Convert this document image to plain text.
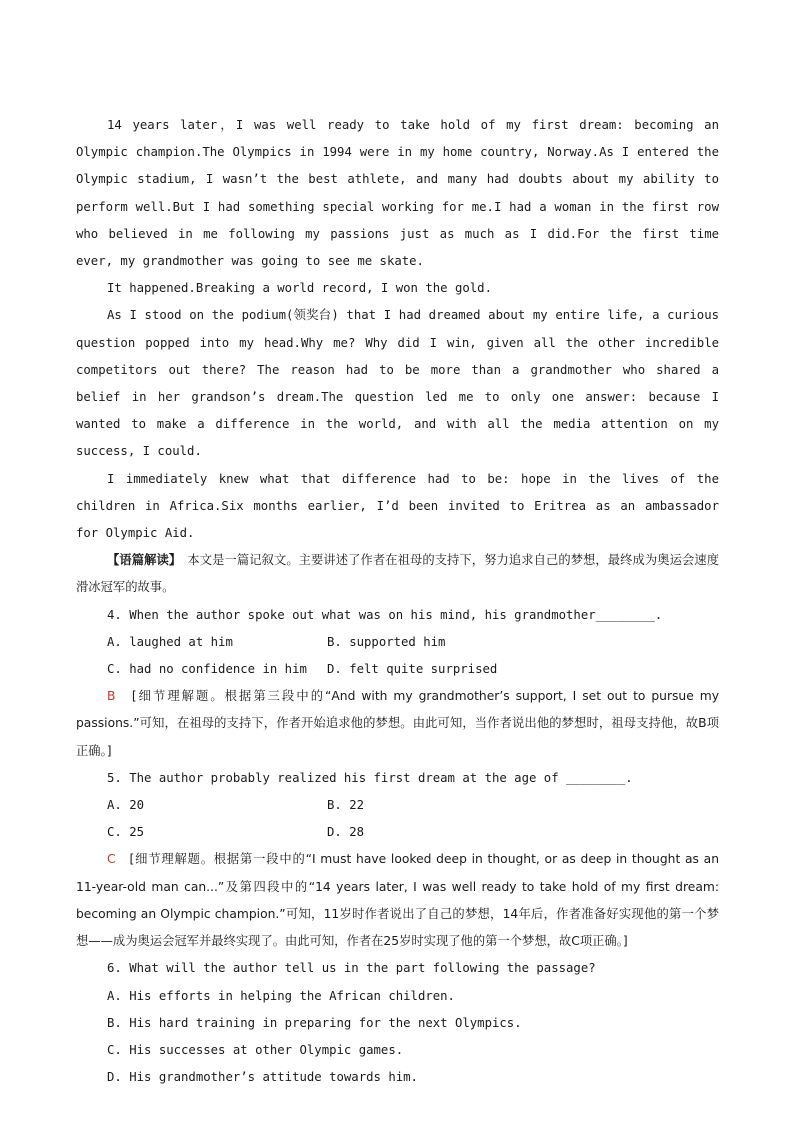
14 years later，I was well ready to take hold of my first dream: becoming an Olympic champion.The Olympics in 1994 were in my home country, Norway.As I entered the Olympic stadium, I wasn’t the best athlete, and many had doubts about my ability to perform well.But I had something special working for me.I had a woman in the first row who believed in me following my passions just as much as I did.For the first time ever, my grandmother was going to see me skate.

It happened.Breaking a world record, I won the gold.

As I stood on the podium(领奖台) that I had dreamed about my entire life, a curious question popped into my head.Why me? Why did I win, given all the other incredible competitors out there? The reason had to be more than a grandmother who shared a belief in her grandson’s dream.The question led me to only one answer: because I wanted to make a difference in the world, and with all the media attention on my success, I could.

I immediately knew what that difference had to be: hope in the lives of the children in Africa.Six months earlier, I’d been invited to Eritrea as an ambassador for Olympic Aid.

【语篇解读】　本文是一篇记叙文。主要讲述了作者在祖母的支持下，努力追求自己的梦想，最终成为奥运会速度滑冰冠军的故事。

4. When the author spoke out what was on his mind, his grandmother________.

A. laughed at him	B. supported him
C. had no confidence in him	D. felt quite surprised

B　[细节理解题。根据第三段中的“And with my grandmother’s support, I set out to pursue my passions.”可知，在祖母的支持下，作者开始追求他的梦想。由此可知，当作者说出他的梦想时，祖母支持他，故B项正确。]

5. The author probably realized his first dream at the age of ________.

A. 20	B. 22
C. 25	D. 28

C　[细节理解题。根据第一段中的“I must have looked deep in thought, or as deep in thought as an 11-year-old man can...”及第四段中的“14 years later, I was well ready to take hold of my first dream: becoming an Olympic champion.”可知，11岁时作者说出了自己的梦想，14年后，作者准备好实现他的第一个梦想——成为奥运会冠军并最终实现了。由此可知，作者在25岁时实现了他的第一个梦想，故C项正确。]

6. What will the author tell us in the part following the passage?

A. His efforts in helping the African children.

B. His hard training in preparing for the next Olympics.

C. His successes at other Olympic games.

D. His grandmother’s attitude towards him.
